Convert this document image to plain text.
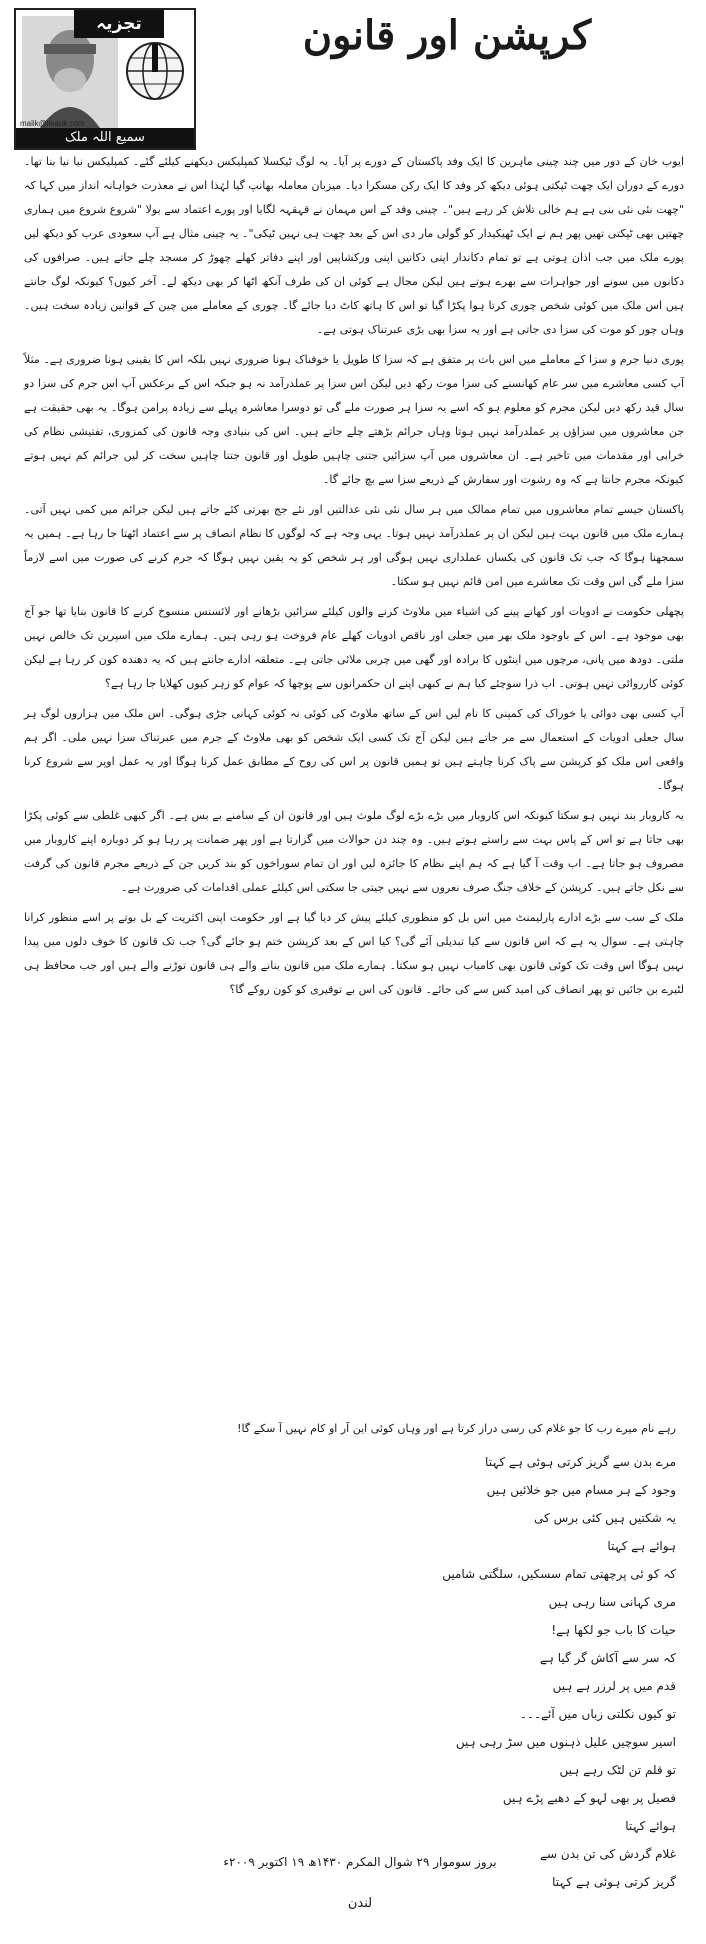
تجزیہ
malik@lisauk.com
سمیع اللہ ملک
کرپشن اور قانون

ایوب خان کے دور میں چند چینی ماہرین کا ایک وفد پاکستان کے دورے پر آیا۔ یہ لوگ ٹیکسلا کمپلیکس دیکھنے کیلئے گئے۔ کمپلیکس نیا نیا بنا تھا۔ دورے کے دوران ایک چھت ٹپکتی ہوئی دیکھ کر وفد کا ایک رکن مسکرا دیا۔ میزبان معاملہ بھانپ گیا لہٰذا اس نے معذرت خواہانہ انداز میں کہا کہ "چھت نئی نئی بنی ہے ہم خالی تلاش کر رہے ہیں"۔ چینی وفد کے اس مہمان نے قہقہہ لگایا اور پورے اعتماد سے بولا "شروع شروع میں ہماری چھتیں بھی ٹپکتی تھیں پھر ہم نے ایک ٹھیکیدار کو گولی مار دی اس کے بعد چھت ہی نہیں ٹپکی"۔ یہ چینی مثال ہے آپ سعودی عرب کو دیکھ لیں پورے ملک میں جب اذان ہوتی ہے تو تمام دکاندار اپنی دکانیں اپنی ورکشاپیں اور اپنے دفاتر کھلے چھوڑ کر مسجد چلے جاتے ہیں۔ صرافوں کی دکانوں میں سونے اور جواہرات سے بھرے ہوتے ہیں لیکن مجال ہے کوئی ان کی طرف آنکھ اٹھا کر بھی دیکھ لے۔ آخر کیوں؟ کیونکہ لوگ جانتے ہیں اس ملک میں کوئی شخص چوری کرتا ہوا پکڑا گیا تو اس کا ہاتھ کاٹ دیا جائے گا۔ چوری کے معاملے میں چین کے قوانین زیادہ سخت ہیں۔ وہاں چور کو موت کی سزا دی جاتی ہے اور یہ سزا بھی بڑی عبرتناک ہوتی ہے۔

پوری دنیا جرم و سزا کے معاملے میں اس بات پر متفق ہے کہ سزا کا طویل یا خوفناک ہونا ضروری نہیں بلکہ اس کا یقینی ہونا ضروری ہے۔ مثلاً آپ کسی معاشرے میں سر عام کھانسنے کی سزا موت رکھ دیں لیکن اس سزا پر عملدرآمد نہ ہو جبکہ اس کے برعکس آپ اس جرم کی سزا دو سال قید رکھ دیں لیکن مجرم کو معلوم ہو کہ اسے یہ سزا ہر صورت ملے گی تو دوسرا معاشرہ پہلے سے زیادہ پرامن ہوگا۔ یہ بھی حقیقت ہے جن معاشروں میں سزاؤں پر عملدرآمد نہیں ہوتا وہاں جرائم بڑھتے چلے جاتے ہیں۔ اس کی بنیادی وجہ قانون کی کمزوری، تفتیشی نظام کی خرابی اور مقدمات میں تاخیر ہے۔ ان معاشروں میں آپ سزائیں جتنی چاہیں طویل اور قانون جتنا چاہیں سخت کر لیں جرائم کم نہیں ہوتے کیونکہ مجرم جانتا ہے کہ وہ رشوت اور سفارش کے ذریعے سزا سے بچ جائے گا۔

پاکستان جیسے تمام معاشروں میں تمام ممالک میں ہر سال نئی نئی عدالتیں اور نئے جج بھرتی کئے جاتے ہیں لیکن جرائم میں کمی نہیں آتی۔ ہمارے ملک میں قانون بہت ہیں لیکن ان پر عملدرآمد نہیں ہوتا۔ یہی وجہ ہے کہ لوگوں کا نظام انصاف پر سے اعتماد اٹھتا جا رہا ہے۔ ہمیں یہ سمجھنا ہوگا کہ جب تک قانون کی یکساں عملداری نہیں ہوگی اور ہر شخص کو یہ یقین نہیں ہوگا کہ جرم کرنے کی صورت میں اسے لازماً سزا ملے گی اس وقت تک معاشرے میں امن قائم نہیں ہو سکتا۔

پچھلی حکومت نے ادویات اور کھانے پینے کی اشیاء میں ملاوٹ کرنے والوں کیلئے سزائیں بڑھانے اور لائسنس منسوخ کرنے کا قانون بنایا تھا جو آج بھی موجود ہے۔ اس کے باوجود ملک بھر میں جعلی اور ناقص ادویات کھلے عام فروخت ہو رہی ہیں۔ ہمارے ملک میں اسپرین تک خالص نہیں ملتی۔ دودھ میں پانی، مرچوں میں اینٹوں کا برادہ اور گھی میں چربی ملائی جاتی ہے۔ متعلقہ ادارے جانتے ہیں کہ یہ دھندہ کون کر رہا ہے لیکن کوئی کارروائی نہیں ہوتی۔ اب ذرا سوچئے کیا ہم نے کبھی اپنے ان حکمرانوں سے پوچھا کہ عوام کو زہر کیوں کھلایا جا رہا ہے؟

آپ کسی بھی دوائی یا خوراک کی کمپنی کا نام لیں اس کے ساتھ ملاوٹ کی کوئی نہ کوئی کہانی جڑی ہوگی۔ اس ملک میں ہزاروں لوگ ہر سال جعلی ادویات کے استعمال سے مر جاتے ہیں لیکن آج تک کسی ایک شخص کو بھی ملاوٹ کے جرم میں عبرتناک سزا نہیں ملی۔ اگر ہم واقعی اس ملک کو کرپشن سے پاک کرنا چاہتے ہیں تو ہمیں قانون پر اس کی روح کے مطابق عمل کرنا ہوگا اور یہ عمل اوپر سے شروع کرنا ہوگا۔

یہ کاروبار بند نہیں ہو سکتا کیونکہ اس کاروبار میں بڑے بڑے لوگ ملوث ہیں اور قانون ان کے سامنے بے بس ہے۔ اگر کبھی غلطی سے کوئی پکڑا بھی جاتا ہے تو اس کے پاس بہت سے راستے ہوتے ہیں۔ وہ چند دن حوالات میں گزارتا ہے اور پھر ضمانت پر رہا ہو کر دوبارہ اپنے کاروبار میں مصروف ہو جاتا ہے۔ اب وقت آ گیا ہے کہ ہم اپنے نظام کا جائزہ لیں اور ان تمام سوراخوں کو بند کریں جن کے ذریعے مجرم قانون کی گرفت سے نکل جاتے ہیں۔ کرپشن کے خلاف جنگ صرف نعروں سے نہیں جیتی جا سکتی اس کیلئے عملی اقدامات کی ضرورت ہے۔

ملک کے سب سے بڑے ادارے پارلیمنٹ میں اس بل کو منظوری کیلئے پیش کر دیا گیا ہے اور حکومت اپنی اکثریت کے بل بوتے پر اسے منظور کرانا چاہتی ہے۔ سوال یہ ہے کہ اس قانون سے کیا تبدیلی آئے گی؟ کیا اس کے بعد کرپشن ختم ہو جائے گی؟ جب تک قانون کا خوف دلوں میں پیدا نہیں ہوگا اس وقت تک کوئی قانون بھی کامیاب نہیں ہو سکتا۔ ہمارے ملک میں قانون بنانے والے ہی قانون توڑنے والے ہیں اور جب محافظ ہی لٹیرے بن جائیں تو پھر انصاف کی امید کس سے کی جائے۔ قانون کی اس بے توقیری کو کون روکے گا؟

رہے نام میرے رب کا جو غلام کی رسی دراز کرتا ہے اور وہاں کوئی این آر او کام نہیں آ سکے گا!
مرے بدن سے گریز کرتی ہوئی ہے کہتا
وجود کے ہر مسام میں جو خلائیں ہیں
یہ شکتیں ہیں کئی برس کی
ہوائے ہے کہتا
کہ کو ئی پرچھتی تمام سسکیں، سلگتی شامیں
مری کہانی سنا رہی ہیں
حیات کا باب جو لکھا ہے!
کہ سر سے آکاش گر گیا ہے
قدم میں پر لرزر ہے ہیں
تو کیوں نکلتی زباں میں آئے۔۔۔
اسیر سوچیں علیل ذہنوں میں سڑ رہی ہیں
تو قلم تن لٹک رہے ہیں
فصیل پر بھی لہو کے دھبے پڑے ہیں
ہوائے کہتا
غلام گردش کی تن بدن سے
گریز کرتی ہوئی ہے کہتا
بروز سوموار ۲۹ شوال المکرم ۱۴۳۰ھ ۱۹ اکتوبر ۲۰۰۹ء
لندن
